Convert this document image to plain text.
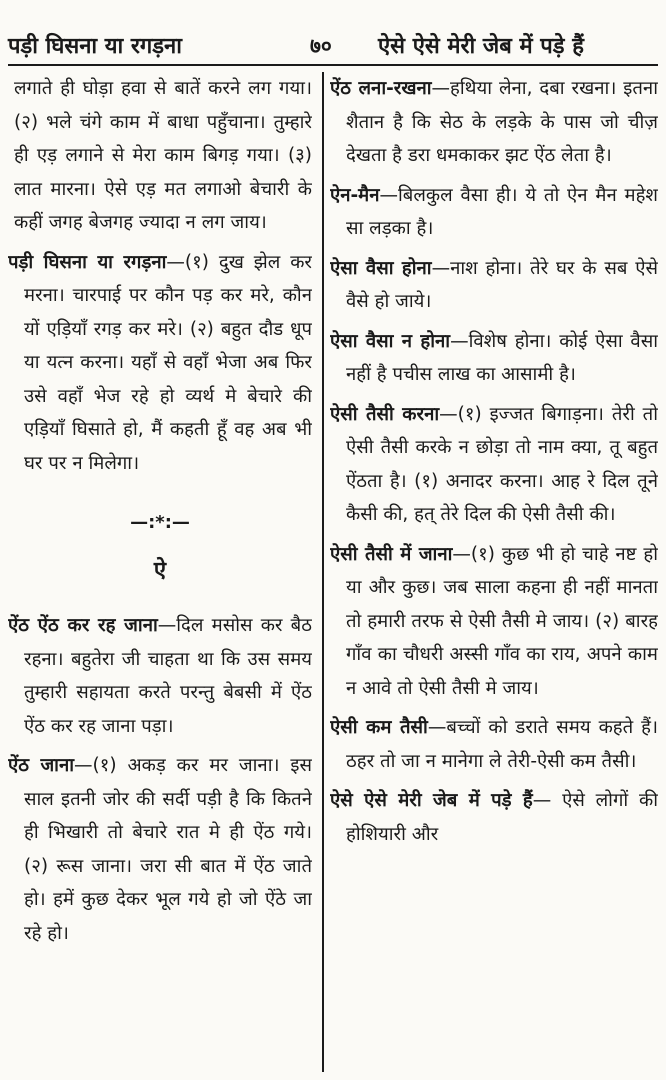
पड़ी घिसना या रगड़ना	७० ऐसे ऐसे मेरी जेब में पड़े हैं

लगाते ही घोड़ा हवा से बातें करने लग गया। (२) भले चंगे काम में बाधा पहुँचाना। तुम्हारे ही एड़ लगाने से मेरा काम बिगड़ गया। (३) लात मारना। ऐसे एड़ मत लगाओ बेचारी के कहीं जगह बेजगह ज्यादा न लग जाय।

पड़ी घिसना या रगड़ना—(१) दुख झेल कर मरना। चारपाई पर कौन पड़ कर मरे, कौन यों एड़ियाँ रगड़ कर मरे। (२) बहुत दौड धूप या यत्न करना। यहाँ से वहाँ भेजा अब फिर उसे वहाँ भेज रहे हो व्यर्थ मे बेचारे की एड़ियाँ घिसाते हो, मैं कहती हूँ वह अब भी घर पर न मिलेगा।

—:*:—
ऐ

ऐंठ ऐंठ कर रह जाना—दिल मसोस कर बैठ रहना। बहुतेरा जी चाहता था कि उस समय तुम्हारी सहायता करते परन्तु बेबसी में ऐंठ ऐंठ कर रह जाना पड़ा।

ऐंठ जाना—(१) अकड़ कर मर जाना। इस साल इतनी जोर की सर्दी पड़ी है कि कितने ही भिखारी तो बेचारे रात मे ही ऐंठ गये। (२) रूस जाना। जरा सी बात में ऐंठ जाते हो। हमें कुछ देकर भूल गये हो जो ऐंठे जा रहे हो।

ऐंठ लना-रखना—हथिया लेना, दबा रखना। इतना शैतान है कि सेठ के लड़के के पास जो चीज़ देखता है डरा धमकाकर झट ऐंठ लेता है।

ऐन-मैन—बिलकुल वैसा ही। ये तो ऐन मैन महेश सा लड़का है।

ऐसा वैसा होना—नाश होना। तेरे घर के सब ऐसे वैसे हो जाये।

ऐसा वैसा न होना—विशेष होना। कोई ऐसा वैसा नहीं है पचीस लाख का आसामी है।

ऐसी तैसी करना—(१) इज्जत बिगाड़ना। तेरी तो ऐसी तैसी करके न छोड़ा तो नाम क्या, तू बहुत ऐंठता है। (१) अनादर करना। आह रे दिल तूने कैसी की, हत् तेरे दिल की ऐसी तैसी की।

ऐसी तैसी में जाना—(१) कुछ भी हो चाहे नष्ट हो या और कुछ। जब साला कहना ही नहीं मानता तो हमारी तरफ से ऐसी तैसी मे जाय। (२) बारह गाँव का चौधरी अस्सी गाँव का राय, अपने काम न आवे तो ऐसी तैसी मे जाय।

ऐसी कम तैसी—बच्चों को डराते समय कहते हैं। ठहर तो जा न मानेगा ले तेरी-ऐसी कम तैसी।

ऐसे ऐसे मेरी जेब में पड़े हैं— ऐसे लोगों की होशियारी और
